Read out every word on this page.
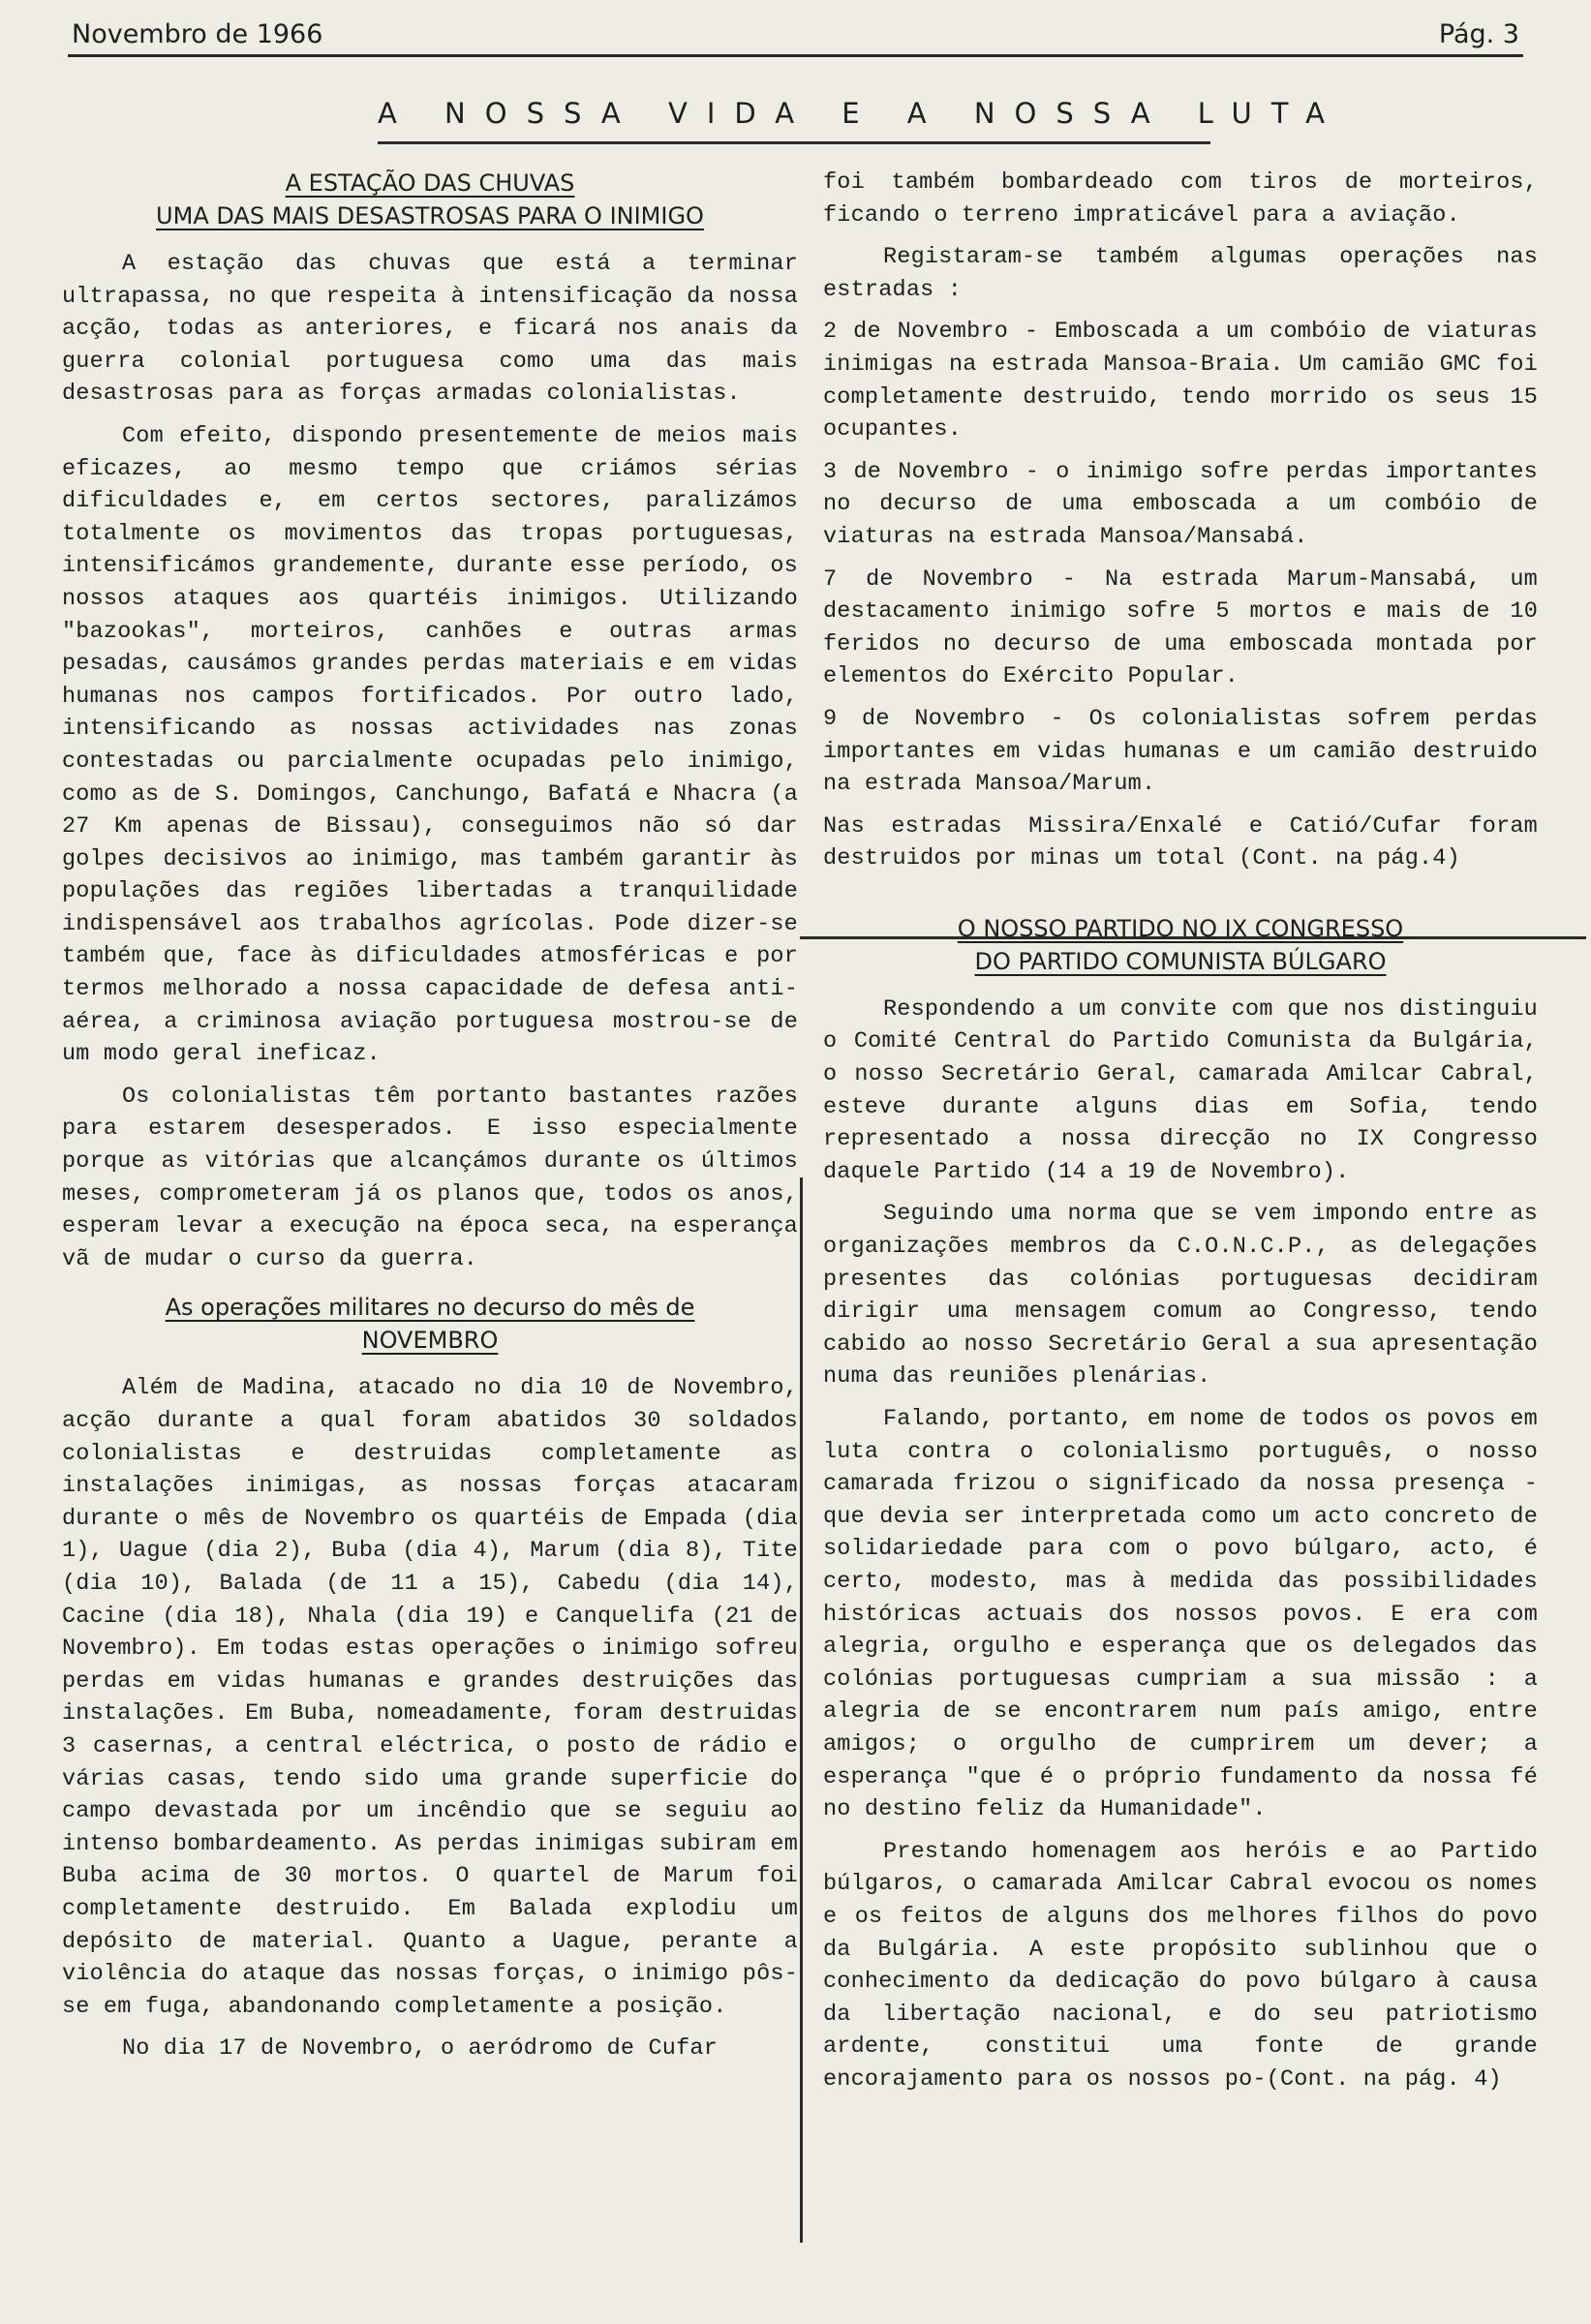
Novembro de 1966	Pág. 3
A NOSSA VIDA E A NOSSA LUTA
A ESTAÇÃO DAS CHUVAS
UMA DAS MAIS DESASTROSAS PARA O INIMIGO

A estação das chuvas que está a terminar ultrapassa, no que respeita à intensificação da nossa acção, todas as anteriores, e ficará nos anais da guerra colonial portuguesa como uma das mais desastrosas para as forças armadas colonialistas.

Com efeito, dispondo presentemente de meios mais eficazes, ao mesmo tempo que criámos sérias dificuldades e, em certos sectores, paralizámos totalmente os movimentos das tropas portuguesas, intensificámos grandemente, durante esse período, os nossos ataques aos quartéis inimigos. Utilizando "bazookas", morteiros, canhões e outras armas pesadas, causámos grandes perdas materiais e em vidas humanas nos campos fortificados. Por outro lado, intensificando as nossas actividades nas zonas contestadas ou parcialmente ocupadas pelo inimigo, como as de S. Domingos, Canchungo, Bafatá e Nhacra (a 27 Km apenas de Bissau), conseguimos não só dar golpes decisivos ao inimigo, mas também garantir às populações das regiões libertadas a tranquilidade indispensável aos trabalhos agrícolas. Pode dizer-se também que, face às dificuldades atmosféricas e por termos melhorado a nossa capacidade de defesa anti-aérea, a criminosa aviação portuguesa mostrou-se de um modo geral ineficaz.

Os colonialistas têm portanto bastantes razões para estarem desesperados. E isso especialmente porque as vitórias que alcançámos durante os últimos meses, comprometeram já os planos que, todos os anos, esperam levar a execução na época seca, na esperança vã de mudar o curso da guerra.

As operações militares no decurso do mês de
NOVEMBRO

Além de Madina, atacado no dia 10 de Novembro, acção durante a qual foram abatidos 30 soldados colonialistas e destruidas completamente as instalações inimigas, as nossas forças atacaram durante o mês de Novembro os quartéis de Empada (dia 1), Uague (dia 2), Buba (dia 4), Marum (dia 8), Tite (dia 10), Balada (de 11 a 15), Cabedu (dia 14), Cacine (dia 18), Nhala (dia 19) e Canquelifa (21 de Novembro). Em todas estas operações o inimigo sofreu perdas em vidas humanas e grandes destruições das instalações. Em Buba, nomeadamente, foram destruidas 3 casernas, a central eléctrica, o posto de rádio e várias casas, tendo sido uma grande superficie do campo devastada por um incêndio que se seguiu ao intenso bombardeamento. As perdas inimigas subiram em Buba acima de 30 mortos. O quartel de Marum foi completamente destruido. Em Balada explodiu um depósito de material. Quanto a Uague, perante a violência do ataque das nossas forças, o inimigo pôs-se em fuga, abandonando completamente a posição.

No dia 17 de Novembro, o aeródromo de Cufar

foi também bombardeado com tiros de morteiros, ficando o terreno impraticável para a aviação.

Registaram-se também algumas operações nas estradas :

2 de Novembro - Emboscada a um combóio de viaturas inimigas na estrada Mansoa-Braia. Um camião GMC foi completamente destruido, tendo morrido os seus 15 ocupantes.

3 de Novembro - o inimigo sofre perdas importantes no decurso de uma emboscada a um combóio de viaturas na estrada Mansoa/Mansabá.

7 de Novembro - Na estrada Marum-Mansabá, um destacamento inimigo sofre 5 mortos e mais de 10 feridos no decurso de uma emboscada montada por elementos do Exército Popular.

9 de Novembro - Os colonialistas sofrem perdas importantes em vidas humanas e um camião destruido na estrada Mansoa/Marum.

Nas estradas Missira/Enxalé e Catió/Cufar foram destruidos por minas um total (Cont. na pág.4)

O NOSSO PARTIDO NO IX CONGRESSO
DO PARTIDO COMUNISTA BÚLGARO

Respondendo a um convite com que nos distinguiu o Comité Central do Partido Comunista da Bulgária, o nosso Secretário Geral, camarada Amilcar Cabral, esteve durante alguns dias em Sofia, tendo representado a nossa direcção no IX Congresso daquele Partido (14 a 19 de Novembro).

Seguindo uma norma que se vem impondo entre as organizações membros da C.O.N.C.P., as delegações presentes das colónias portuguesas decidiram dirigir uma mensagem comum ao Congresso, tendo cabido ao nosso Secretário Geral a sua apresentação numa das reuniões plenárias.

Falando, portanto, em nome de todos os povos em luta contra o colonialismo português, o nosso camarada frizou o significado da nossa presença - que devia ser interpretada como um acto concreto de solidariedade para com o povo búlgaro, acto, é certo, modesto, mas à medida das possibilidades históricas actuais dos nossos povos. E era com alegria, orgulho e esperança que os delegados das colónias portuguesas cumpriam a sua missão : a alegria de se encontrarem num país amigo, entre amigos; o orgulho de cumprirem um dever; a esperança "que é o próprio fundamento da nossa fé no destino feliz da Humanidade".

Prestando homenagem aos heróis e ao Partido búlgaros, o camarada Amilcar Cabral evocou os nomes e os feitos de alguns dos melhores filhos do povo da Bulgária. A este propósito sublinhou que o conhecimento da dedicação do povo búlgaro à causa da libertação nacional, e do seu patriotismo ardente, constitui uma fonte de grande encorajamento para os nossos po-(Cont. na pág. 4)
